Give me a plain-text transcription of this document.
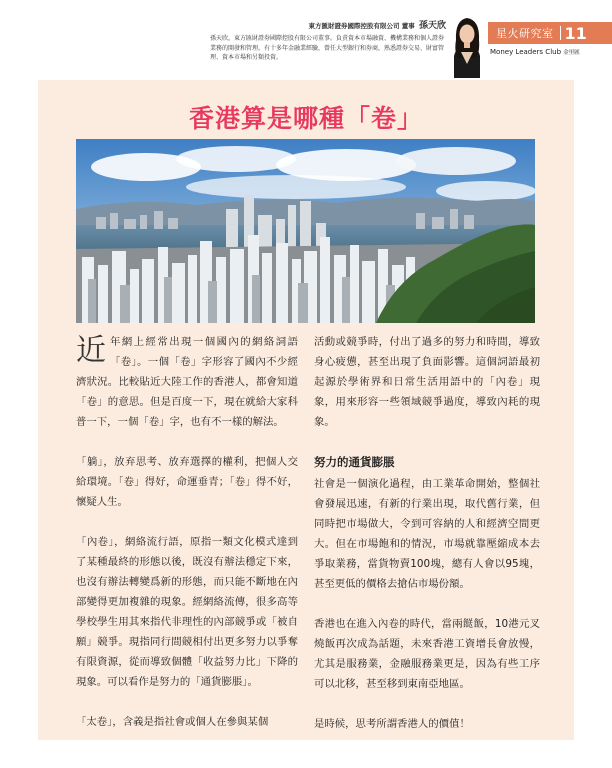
東方匯財證券國際控股有限公司 董事 孫天欣
孫天欣，東方匯財證券國際控股有限公司董事。負責資本市場融資、機構業務和個人證券業務的開發和管理。有十多年金融業經驗，曾任大型銀行和券商，熟悉證券交易、財富管理、資本市場和另類投資。
星火研究室 11
Money Leaders Club 金里匯
香港算是哪種「卷」

近年網上經常出現一個國內的網絡詞語「卷」。一個「卷」字形容了國內不少經濟狀況。比較貼近大陸工作的香港人，都會知道「卷」的意思。但是百度一下，現在就給大家科普一下，一個「卷」字，也有不一樣的解法。

「躺」，放弃思考、放弃選擇的權利，把個人交給環境。「卷」得好，命運垂青；「卷」得不好，懷疑人生。

「內卷」，網絡流行語，原指一類文化模式達到了某種最終的形態以後，既沒有辦法穩定下來，也沒有辦法轉變爲新的形態，而只能不斷地在內部變得更加複雜的現象。經網絡流傳，很多高等學校學生用其來指代非理性的內部競爭或「被自願」競爭。現指同行間競相付出更多努力以爭奪有限資源，從而導致個體「收益努力比」下降的現象。可以看作是努力的「通貨膨脹」。

「太卷」，含義是指社會或個人在參與某個

活動或競爭時，付出了過多的努力和時間，導致身心疲憊，甚至出現了負面影響。這個詞語最初起源於學術界和日常生活用語中的「內卷」現象，用來形容一些領域競爭過度，導致內耗的現象。

努力的通貨膨脹

社會是一個演化過程，由工業革命開始，整個社會發展迅速，有新的行業出現，取代舊行業，但同時把市場做大，令到可容納的人和經濟空間更大。但在市場飽和的情況，市場就靠壓縮成本去爭取業務，當貨物賣100塊，總有人會以95塊，甚至更低的價格去搶佔市場份額。

香港也在進入內卷的時代，當兩餸飯，10港元叉燒飯再次成為話題，未來香港工資增長會放慢，尤其是服務業，金融服務業更是，因為有些工序可以北移，甚至移到東南亞地區。

是時候，思考所謂香港人的價值！
